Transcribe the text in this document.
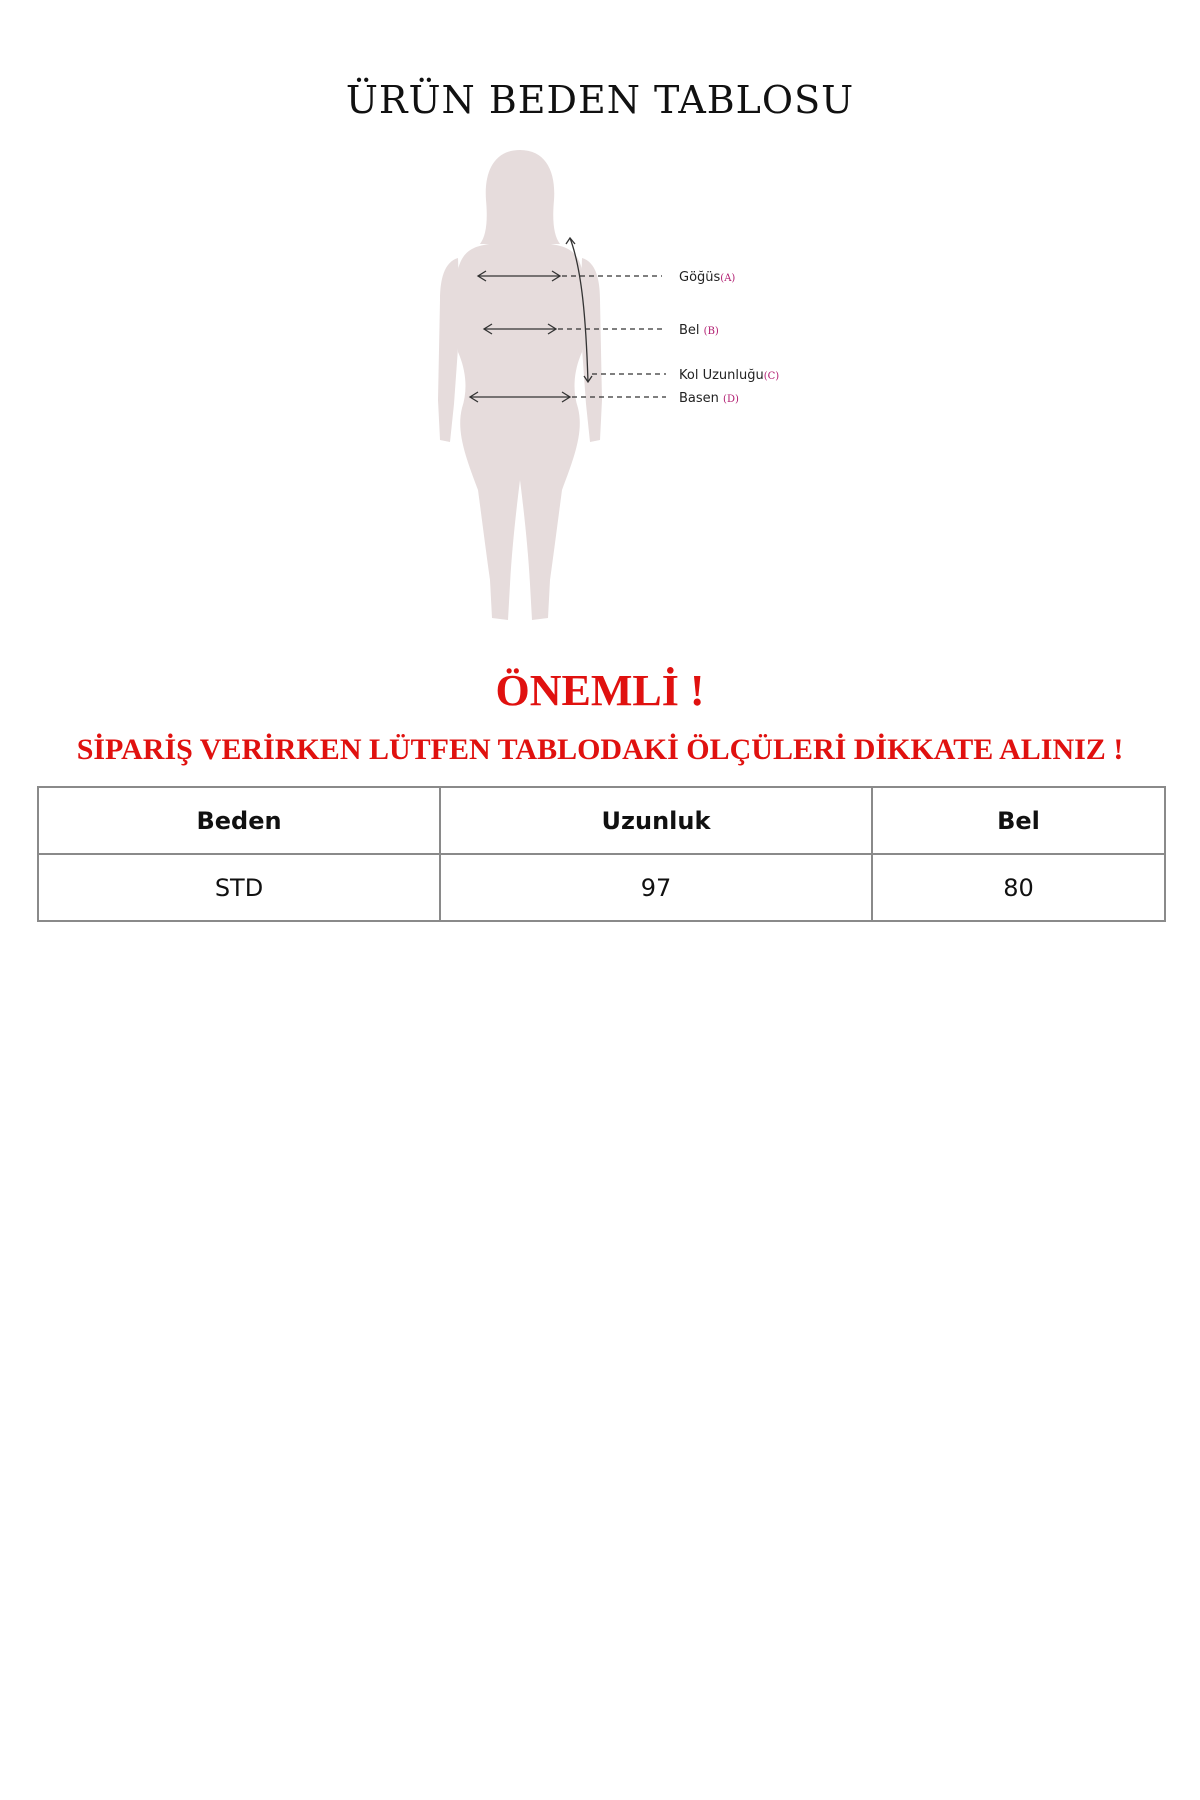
ÜRÜN BEDEN TABLOSU
Göğüs(A)
Bel (B)
Kol Uzunluğu(C)
Basen (D)
ÖNEMLİ !
SİPARİŞ VERİRKEN LÜTFEN TABLODAKİ ÖLÇÜLERİ DİKKATE ALINIZ !
Beden	Uzunluk	Bel
STD	97	80
